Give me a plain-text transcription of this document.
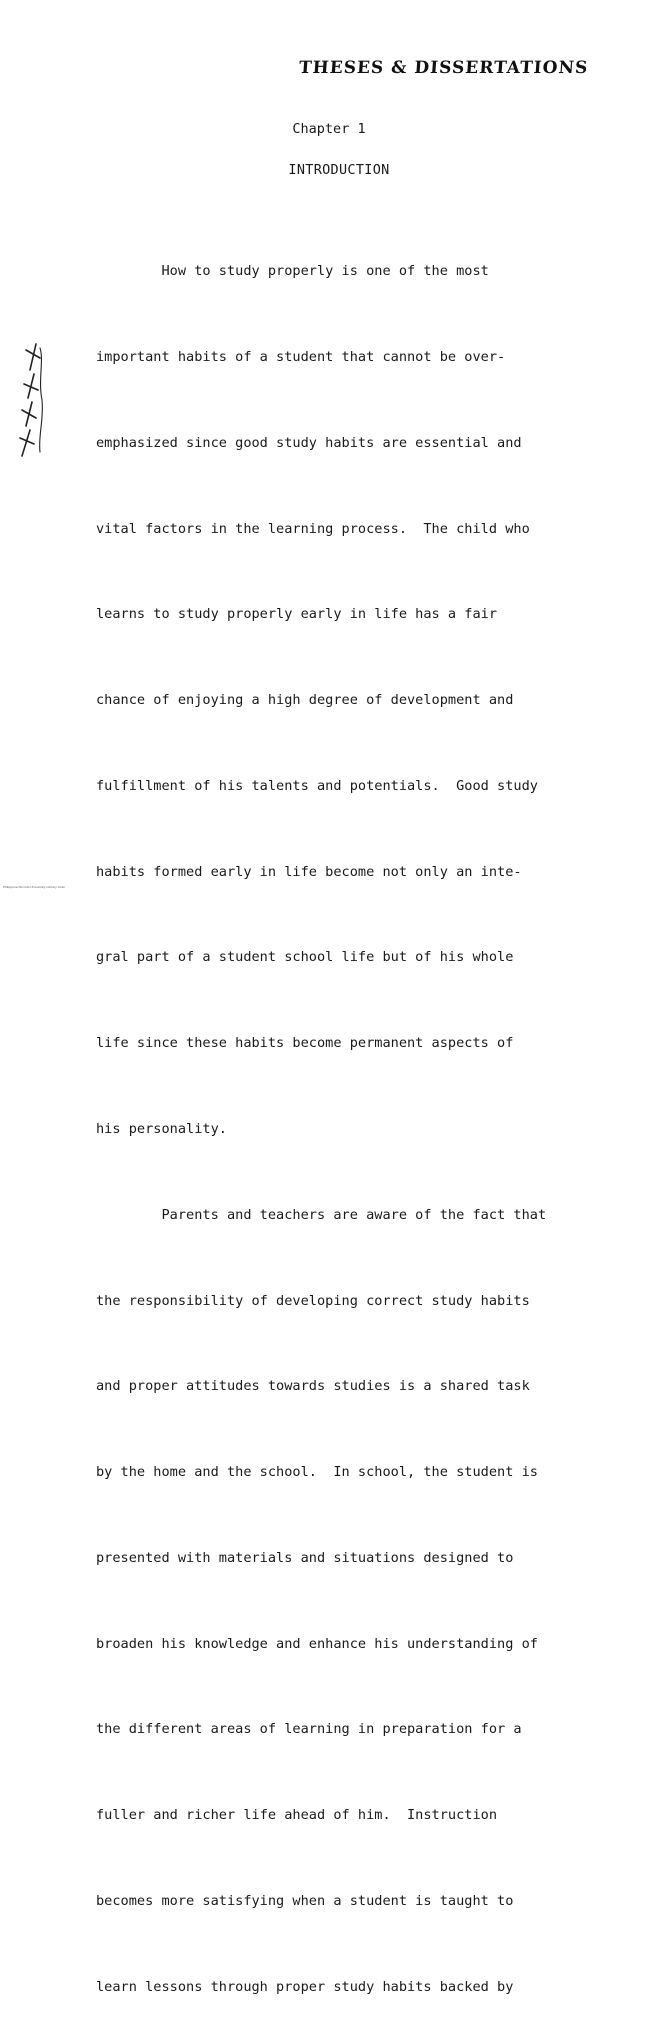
THESES & DISSERTATIONS
Chapter 1
INTRODUCTION

How to study properly is one of the most

important habits of a student that cannot be over-

emphasized since good study habits are essential and

vital factors in the learning process.  The child who

learns to study properly early in life has a fair

chance of enjoying a high degree of development and

fulfillment of his talents and potentials.  Good study

habits formed early in life become not only an inte-

gral part of a student school life but of his whole

life since these habits become permanent aspects of

his personality.

Parents and teachers are aware of the fact that

the responsibility of developing correct study habits

and proper attitudes towards studies is a shared task

by the home and the school.  In school, the student is

presented with materials and situations designed to

broaden his knowledge and enhance his understanding of

the different areas of learning in preparation for a

fuller and richer life ahead of him.  Instruction

becomes more satisfying when a student is taught to

learn lessons through proper study habits backed by

Philippine Normal University Library Scan
